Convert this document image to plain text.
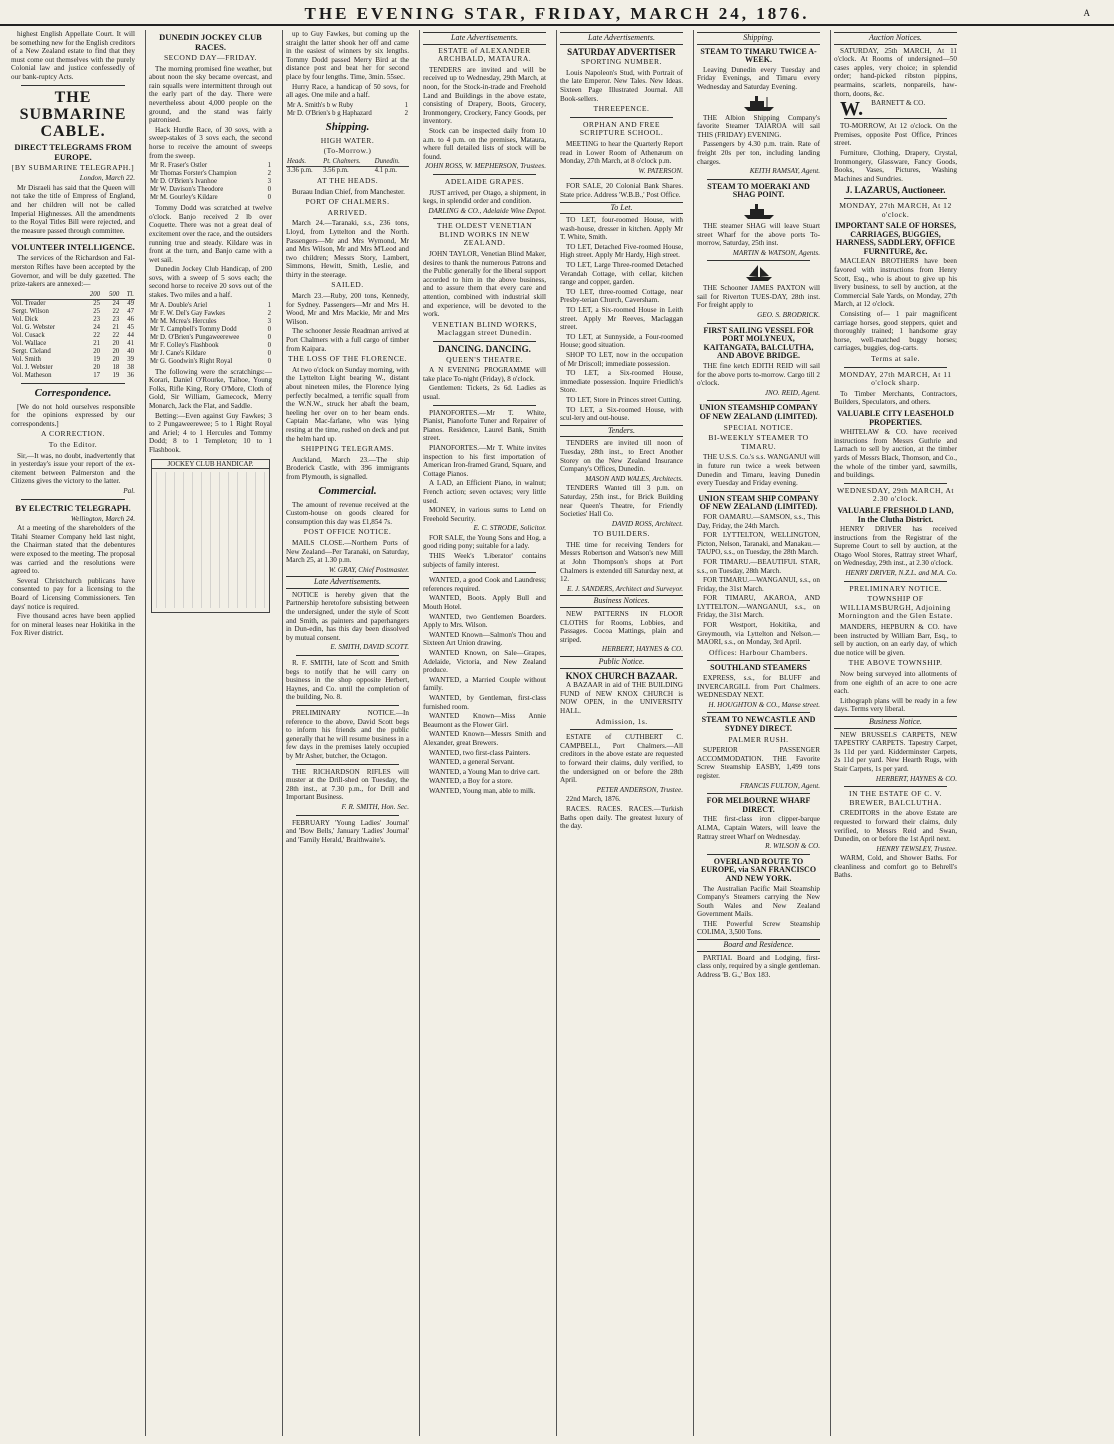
THE EVENING STAR, FRIDAY, MARCH 24, 1876.	A

highest English Appellate Court. It will be something new for the English creditors of a New Zealand estate to find that they must come out themselves with the purely Colonial law and justice confessedly of our bank-ruptcy Acts.

THE SUBMARINE CABLE.
DIRECT TELEGRAMS FROM EUROPE.
[BY SUBMARINE TELEGRAPH.]

London, March 22.

Mr Disraeli has said that the Queen will not take the title of Empress of England, and her children will not be called Imperial Highnesses. All the amendments to the Royal Titles Bill were rejected, and the measure passed through committee.

VOLUNTEER INTELLIGENCE.

The services of the Richardson and Fal-merston Rifles have been accepted by the Governor, and will be duly gazetted. The prize-takers are annexed:—

	200	500	Tl.
Vol. Treader	25	24	49
Sergt. Wilson	25	22	47
Vol. Dick	23	23	46
Vol. G. Webster	24	21	45
Vol. Cusack	22	22	44
Vol. Wallace	21	20	41
Sergt. Cleland	20	20	40
Vol. Smith	19	20	39
Vol. J. Webster	20	18	38
Vol. Matheson	17	19	36
Correspondence.

[We do not hold ourselves responsible for the opinions expressed by our correspondents.]

A CORRECTION.
To the Editor.

Sir,—It was, no doubt, inadvertently that in yesterday's issue your report of the ex-citement between Palmerston and the Citizens gives the victory to the latter.

Pal.

BY ELECTRIC TELEGRAPH.

Wellington, March 24.

At a meeting of the shareholders of the Titahi Steamer Company held last night, the Chairman stated that the debentures were exposed to the meeting. The proposal was carried and the resolutions were agreed to.

Several Christchurch publicans have consented to pay for a licensing to the Board of Licensing Commissioners. Ten days' notice is required.

Five thousand acres have been applied for on mineral leases near Hokitika in the Fox River district.

DUNEDIN JOCKEY CLUB RACES.
SECOND DAY—FRIDAY.

The morning promised fine weather, but about noon the sky became overcast, and rain squalls were intermittent through out the early part of the day. There were nevertheless about 4,000 people on the ground, and the stand was fairly patronised.

Hack Hurdle Race, of 30 sovs, with a sweep-stakes of 3 sovs each, the second horse to receive the amount of sweeps from the sweep.

Mr R. Fraser's Ostler	1
Mr Thomas Forster's Champion	2
Mr D. O'Brien's Ivanhoe	3
Mr W. Davison's Theodore	0
Mr M. Gourley's Kildare	0

Tommy Dodd was scratched at twelve o'clock. Banjo received 2 lb over Coquette. There was not a great deal of excitement over the race, and the outsiders running true and steady. Kildare was in front at the turn, and Banjo came with a wet sail.

Dunedin Jockey Club Handicap, of 200 sovs, with a sweep of 5 sovs each; the second horse to receive 20 sovs out of the stakes. Two miles and a half.

Mr A. Double's Ariel	1
Mr F. W. Del's Gay Fawkes	2
Mr M. Mcrea's Hercules	3
Mr T. Campbell's Tommy Dodd	0
Mr D. O'Brien's Pungaweerewee	0
Mr F. Colley's Flashbook	0
Mr J. Cane's Kildare	0
Mr G. Goodwin's Right Royal	0

The following were the scratchings:— Korari, Daniel O'Rourke, Taihoe, Young Folks, Rifle King, Rory O'More, Cloth of Gold, Sir William, Gamecock, Merry Monarch, Jack the Flat, and Saddle.

Betting:—Even against Guy Fawkes; 3 to 2 Pungaweerewee; 5 to 1 Right Royal and Ariel; 4 to 1 Hercules and Tommy Dodd; 8 to 1 Templeton; 10 to 1 Flashbook.

JOCKEY CLUB HANDICAP.

up to Guy Fawkes, but coming up the straight the latter shook her off and came in the easiest of winners by six lengths. Tommy Dodd passed Merry Bird at the distance post and beat her for second place by four lengths. Time, 3min. 55sec.

Hurry Race, a handicap of 50 sovs, for all ages. One mile and a half.

Mr A. Smith's b w Ruby	1
Mr D. O'Brien's b g Haphazard	2
Shipping.
HIGH WATER.
(To-Morrow.)
Heads.	Pt. Chalmers.	Dunedin.
3.36 p.m.	3.56 p.m.	4.1 p.m.
AT THE HEADS.

Buraau Indian Chief, from Manchester.

PORT OF CHALMERS.
ARRIVED.

March 24.—Taranaki, s.s., 236 tons, Lloyd, from Lyttelton and the North. Passengers—Mr and Mrs Wymond, Mr and Mrs Wilson, Mr and Mrs M'Leod and two children; Messrs Story, Lambert, Simmons, Hewitt, Smith, Leslie, and thirty in the steerage.

SAILED.

March 23.—Ruby, 200 tons, Kennedy, for Sydney. Passengers—Mr and Mrs H. Wood, Mr and Mrs Mackie, Mr and Mrs Wilson.

The schooner Jessie Readman arrived at Port Chalmers with a full cargo of timber from Kaipara.

THE LOSS OF THE FLORENCE.

At two o'clock on Sunday morning, with the Lyttelton Light bearing W., distant about nineteen miles, the Florence lying perfectly becalmed, a terrific squall from the W.N.W., struck her abaft the beam, heeling her over on to her beam ends. Captain Mac-farlane, who was lying resting at the time, rushed on deck and put the helm hard up.

SHIPPING TELEGRAMS.

Auckland, March 23.—The ship Broderick Castle, with 396 immigrants from Plymouth, is signalled.

Commercial.

The amount of revenue received at the Custom-house on goods cleared for consumption this day was £1,854 7s.

POST OFFICE NOTICE.

MAILS CLOSE.—Northern Ports of New Zealand—Per Taranaki, on Saturday, March 25, at 1.30 p.m.

W. GRAY, Chief Postmaster.

Late Advertisements.

NOTICE is hereby given that the Partnership heretofore subsisting between the undersigned, under the style of Scott and Smith, as painters and paperhangers in Dun-edin, has this day been dissolved by mutual consent.

E. SMITH, DAVID SCOTT.

R. F. SMITH, late of Scott and Smith begs to notify that he will carry on business in the shop opposite Herbert, Haynes, and Co. until the completion of the building, No. 8.

PRELIMINARY NOTICE.—In reference to the above, David Scott begs to inform his friends and the public generally that he will resume business in a few days in the premises lately occupied by Mr Asher, butcher, the Octagon.

THE RICHARDSON RIFLES will muster at the Drill-shed on Tuesday, the 28th inst., at 7.30 p.m., for Drill and Important Business.

F. R. SMITH, Hon. Sec.

FEBRUARY 'Young Ladies' Journal' and 'Bow Bells,' January 'Ladies' Journal' and 'Family Herald,' Braithwaite's.

Late Advertisements.
ESTATE of ALEXANDER ARCHBALD, MATAURA.

TENDERS are invited and will be received up to Wednesday, 29th March, at noon, for the Stock-in-trade and Freehold Land and Buildings in the above estate, consisting of Drapery, Boots, Grocery, Ironmongery, Crockery, Fancy Goods, per inventory.

Stock can be inspected daily from 10 a.m. to 4 p.m. on the premises, Mataura, where full detailed lists of stock will be found.

JOHN ROSS, W. MEPHERSON, Trustees.

ADELAIDE GRAPES.

JUST arrived, per Otago, a shipment, in kegs, in splendid order and condition.

DARLING & CO., Adelaide Wine Depot.

THE OLDEST VENETIAN BLIND WORKS IN NEW ZEALAND.

JOHN TAYLOR, Venetian Blind Maker, desires to thank the numerous Patrons and the Public generally for the liberal support accorded to him in the above business, and to assure them that every care and attention, combined with industrial skill and experience, will be devoted to the work.

VENETIAN BLIND WORKS, Maclaggan street Dunedin.
DANCING. DANCING.
QUEEN'S THEATRE.

A N EVENING PROGRAMME will take place To-night (Friday), 8 o'clock.

Gentlemen: Tickets, 2s 6d. Ladies as usual.

PIANOFORTES.—Mr T. White, Pianist, Pianoforte Tuner and Repairer of Pianos. Residence, Laurel Bank, Smith street.

PIANOFORTES.—Mr T. White invites inspection to his first importation of American Iron-framed Grand, Square, and Cottage Pianos.

A LAD, an Efficient Piano, in walnut; French action; seven octaves; very little used.

MONEY, in various sums to Lend on Freehold Security.

E. C. STRODE, Solicitor.

FOR SALE, the Young Sons and Hog, a good riding pony; suitable for a lady.

THIS Week's 'Liberator' contains subjects of family interest.

WANTED, a good Cook and Laundress; references required.

WANTED, Boots. Apply Bull and Mouth Hotel.

WANTED, two Gentlemen Boarders. Apply to Mrs. Wilson.

WANTED Known—Salmon's Thou and Sixteen Art Union drawing.

WANTED Known, on Sale—Grapes, Adelaide, Victoria, and New Zealand produce.

WANTED, a Married Couple without family.

WANTED, by Gentleman, first-class furnished room.

WANTED Known—Miss Annie Beaumont as the Flower Girl.

WANTED Known—Messrs Smith and Alexander, great Brewers.

WANTED, two first-class Painters.

WANTED, a general Servant.

WANTED, a Young Man to drive cart.

WANTED, a Boy for a store.

WANTED, Young man, able to milk.

Late Advertisements.
SATURDAY ADVERTISER
SPORTING NUMBER.

Louis Napoleon's Stud, with Portrait of the late Emperor. New Tales. New Ideas. Sixteen Page Illustrated Journal. All Book-sellers.

THREEPENCE.
ORPHAN AND FREE SCRIPTURE SCHOOL.

MEETING to hear the Quarterly Report read in Lower Room of Athenæum on Monday, 27th March, at 8 o'clock p.m.

W. PATERSON.

FOR SALE, 20 Colonial Bank Shares. State price. Address 'W.B.B.,' Post Office.

To Let.

TO LET, four-roomed House, with wash-house, dresser in kitchen. Apply Mr T. White, Smith.

TO LET, Detached Five-roomed House, High street. Apply Mr Hardy, High street.

TO LET, Large Three-roomed Detached Verandah Cottage, with cellar, kitchen range and copper, garden.

TO LET, three-roomed Cottage, near Presby-terian Church, Caversham.

TO LET, a Six-roomed House in Leith street. Apply Mr Reeves, Maclaggan street.

TO LET, at Sunnyside, a Four-roomed House; good situation.

SHOP TO LET, now in the occupation of Mr Driscoll; immediate possession.

TO LET, a Six-roomed House, immediate possession. Inquire Friedlich's Store.

TO LET, Store in Princes street Cutting.

TO LET, a Six-roomed House, with scul-lery and out-house.

Tenders.

TENDERS are invited till noon of Tuesday, 28th inst., to Erect Another Storey on the New Zealand Insurance Company's Offices, Dunedin.

MASON AND WALES, Architects.

TENDERS Wanted till 3 p.m. on Saturday, 25th inst., for Brick Building near Queen's Theatre, for Friendly Societies' Hall Co.

DAVID ROSS, Architect.

TO BUILDERS.

THE time for receiving Tenders for Messrs Robertson and Watson's new Mill at John Thompson's shops at Port Chalmers is extended till Saturday next, at 12.

E. J. SANDERS, Architect and Surveyor.

Business Notices.

NEW PATTERNS IN FLOOR CLOTHS for Rooms, Lobbies, and Passages. Cocoa Mattings, plain and striped.

HERBERT, HAYNES & CO.

Public Notice.
KNOX CHURCH BAZAAR.

A BAZAAR in aid of THE BUILDING FUND of NEW KNOX CHURCH is NOW OPEN, in the UNIVERSITY HALL.

Admission, 1s.

ESTATE of CUTHBERT C. CAMPBELL, Port Chalmers.—All creditors in the above estate are requested to forward their claims, duly verified, to the undersigned on or before the 28th April.

PETER ANDERSON, Trustee.

22nd March, 1876.

RACES. RACES. RACES.—Turkish Baths open daily. The greatest luxury of the day.

Shipping.
STEAM TO TIMARU TWICE A-WEEK.

Leaving Dunedin every Tuesday and Friday Evenings, and Timaru every Wednesday and Saturday Evening.

THE Albion Shipping Company's favorite Steamer TAIAROA will sail THIS (FRIDAY) EVENING.

Passengers by 4.30 p.m. train. Rate of freight 20s per ton, including landing charges.

KEITH RAMSAY, Agent.

STEAM TO MOERAKI AND SHAG POINT.

THE steamer SHAG will leave Stuart street Wharf for the above ports To-morrow, Saturday, 25th inst.

MARTIN & WATSON, Agents.

THE Schooner JAMES PAXTON will sail for Riverton TUES-DAY, 28th inst. For freight apply to

GEO. S. BRODRICK.

FIRST SAILING VESSEL FOR PORT MOLYNEUX, KAITANGATA, BALCLUTHA, AND ABOVE BRIDGE.

THE fine ketch EDITH REID will sail for the above ports to-morrow. Cargo till 2 o'clock.

JNO. REID, Agent.

UNION STEAMSHIP COMPANY OF NEW ZEALAND (LIMITED).
SPECIAL NOTICE.
BI-WEEKLY STEAMER TO TIMARU.

THE U.S.S. Co.'s s.s. WANGANUI will in future run twice a week between Dunedin and Timaru, leaving Dunedin every Tuesday and Friday evening.

UNION STEAM SHIP COMPANY OF NEW ZEALAND (LIMITED).

FOR OAMARU.—SAMSON, s.s., This Day, Friday, the 24th March.

FOR LYTTELTON, WELLINGTON, Picton, Nelson, Taranaki, and Manakau.—TAUPO, s.s., on Tuesday, the 28th March.

FOR TIMARU.—BEAUTIFUL STAR, s.s., on Tuesday, 28th March.

FOR TIMARU.—WANGANUI, s.s., on Friday, the 31st March.

FOR TIMARU, AKAROA, AND LYTTELTON.—WANGANUI, s.s., on Friday, the 31st March.

FOR Westport, Hokitika, and Greymouth, via Lyttelton and Nelson.—MAORI, s.s., on Monday, 3rd April.

Offices: Harbour Chambers.
SOUTHLAND STEAMERS

EXPRESS, s.s., for BLUFF and INVERCARGILL from Port Chalmers. WEDNESDAY NEXT.

H. HOUGHTON & CO., Manse street.

STEAM TO NEWCASTLE AND SYDNEY DIRECT.
PALMER RUSH.

SUPERIOR PASSENGER ACCOMMODATION. THE Favorite Screw Steamship EASBY, 1,499 tons register.

FRANCIS FULTON, Agent.

FOR MELBOURNE WHARF DIRECT.

THE first-class iron clipper-barque ALMA, Captain Waters, will leave the Rattray street Wharf on Wednesday.

R. WILSON & CO.

OVERLAND ROUTE TO EUROPE, via SAN FRANCISCO AND NEW YORK.

The Australian Pacific Mail Steamship Company's Steamers carrying the New South Wales and New Zealand Government Mails.

THE Powerful Screw Steamship COLIMA, 3,500 Tons.

Board and Residence.

PARTIAL Board and Lodging, first-class only, required by a single gentleman. Address 'B. G.,' Box 183.

Auction Notices.

SATURDAY, 25th MARCH, At 11 o'clock. At Rooms of undersigned—50 cases apples, very choice; in splendid order; hand-picked ribston pippins, pearmains, scarlets, nonpareils, haw-thorn, doons, &c.

W. BARNETT & CO.

TO-MORROW, At 12 o'clock. On the Premises, opposite Post Office, Princes street.

Furniture, Clothing, Drapery, Crystal, Ironmongery, Glassware, Fancy Goods, Books, Vases, Pictures, Washing Machines and Sundries.

J. LAZARUS, Auctioneer.
MONDAY, 27th MARCH, At 12 o'clock.
IMPORTANT SALE OF HORSES, CARRIAGES, BUGGIES, HARNESS, SADDLERY, OFFICE FURNITURE, &c.

MACLEAN BROTHERS have been favored with instructions from Henry Scott, Esq., who is about to give up his livery business, to sell by auction, at the Commercial Sale Yards, on Monday, 27th March, at 12 o'clock.

Consisting of— 1 pair magnificent carriage horses, good steppers, quiet and thoroughly trained; 1 handsome gray horse, well-matched buggy horses; carriages, buggies, dog-carts.

Terms at sale.
MONDAY, 27th MARCH, At 11 o'clock sharp.

To Timber Merchants, Contractors, Builders, Speculators, and others.

VALUABLE CITY LEASEHOLD PROPERTIES.

WHITELAW & CO. have received instructions from Messrs Guthrie and Larnach to sell by auction, at the timber yards of Messrs Black, Thomson, and Co., the whole of the timber yard, sawmills, and buildings.

WEDNESDAY, 29th MARCH, At 2.30 o'clock.
VALUABLE FRESHOLD LAND, In the Clutha District.

HENRY DRIVER has received instructions from the Registrar of the Supreme Court to sell by auction, at the Otago Wool Stores, Rattray street Wharf, on Wednesday, 29th inst., at 2.30 o'clock.

HENRY DRIVER, N.Z.L. and M.A. Co.

PRELIMINARY NOTICE.
TOWNSHIP OF WILLIAMSBURGH, Adjoining Mornington and the Glen Estate.

MANDERS, HEPBURN & CO. have been instructed by William Barr, Esq., to sell by auction, on an early day, of which due notice will be given.

THE ABOVE TOWNSHIP.

Now being surveyed into allotments of from one eighth of an acre to one acre each.

Lithograph plans will be ready in a few days. Terms very liberal.

Business Notice.

NEW BRUSSELS CARPETS, NEW TAPESTRY CARPETS. Tapestry Carpet, 3s 11d per yard. Kidderminster Carpets, 2s 11d per yard. New Hearth Rugs, with Stair Carpets, 1s per yard.

HERBERT, HAYNES & CO.

IN THE ESTATE OF C. V. BREWER, BALCLUTHA.

CREDITORS in the above Estate are requested to forward their claims, duly verified, to Messrs Reid and Swan, Dunedin, on or before the 1st April next.

HENRY TEWSLEY, Trustee.

WARM, Cold, and Shower Baths. For cleanliness and comfort go to Behrell's Baths.
